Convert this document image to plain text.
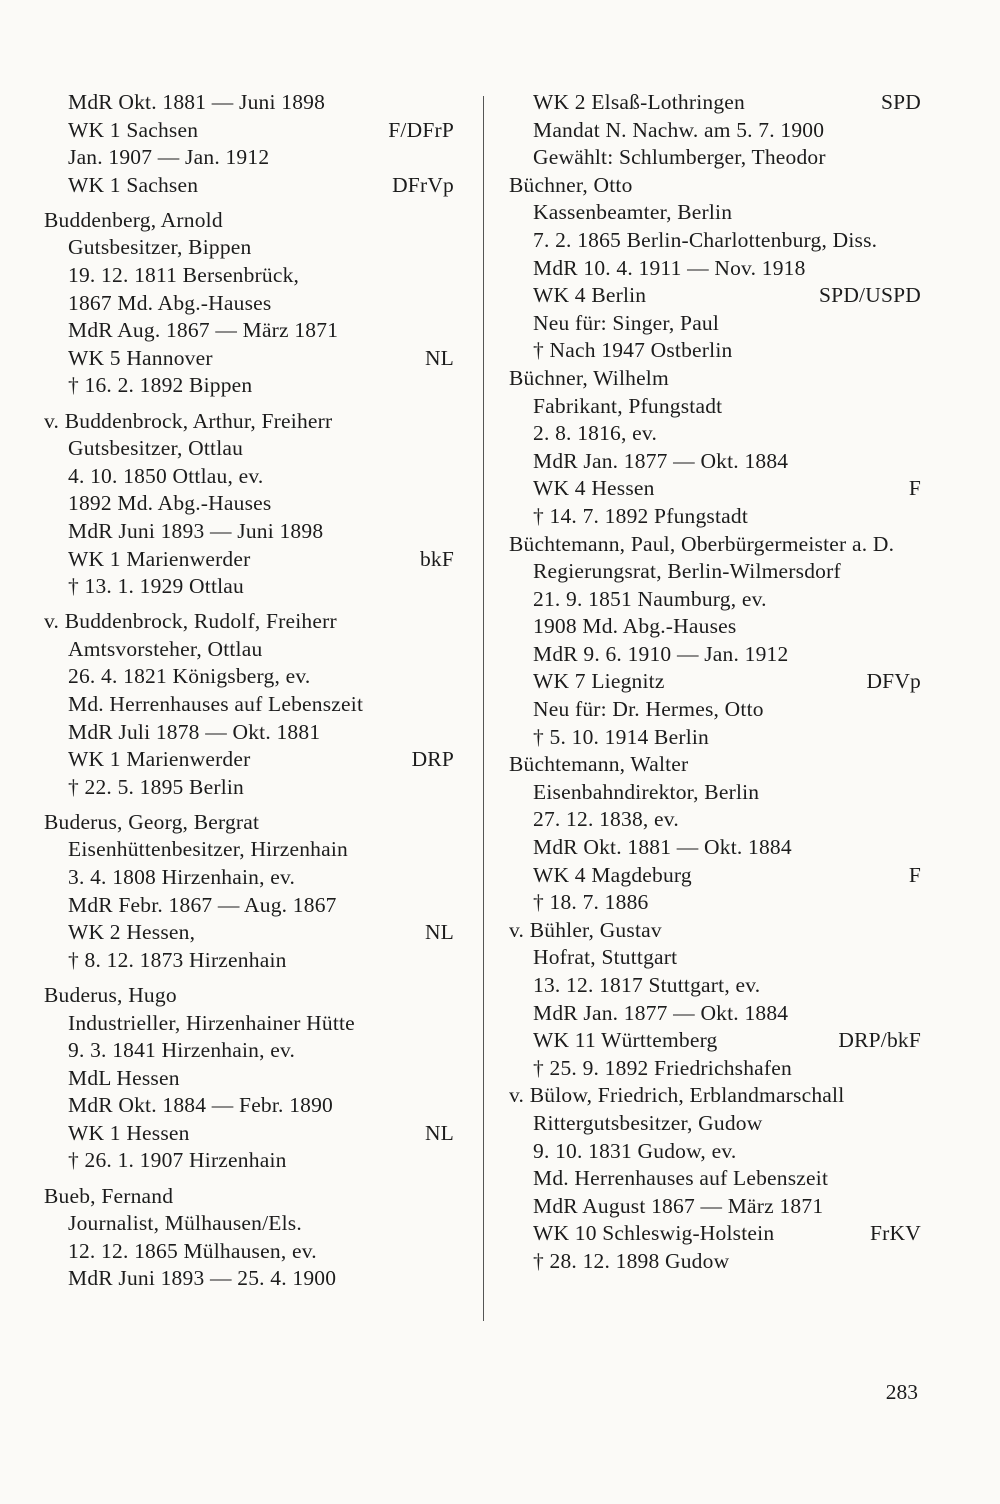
MdR Okt. 1881 — Juni 1898
WK 1 Sachsen	F/DFrP
Jan. 1907 — Jan. 1912
WK 1 Sachsen	DFrVp
Buddenberg, Arnold
Gutsbesitzer, Bippen
19. 12. 1811 Bersenbrück,
1867 Md. Abg.-Hauses
MdR Aug. 1867 — März 1871
WK 5 Hannover	NL
† 16. 2. 1892 Bippen
v. Buddenbrock, Arthur, Freiherr
Gutsbesitzer, Ottlau
4. 10. 1850 Ottlau, ev.
1892 Md. Abg.-Hauses
MdR Juni 1893 — Juni 1898
WK 1 Marienwerder	bkF
† 13. 1. 1929 Ottlau
v. Buddenbrock, Rudolf, Freiherr
Amtsvorsteher, Ottlau
26. 4. 1821 Königsberg, ev.
Md. Herrenhauses auf Lebenszeit
MdR Juli 1878 — Okt. 1881
WK 1 Marienwerder	DRP
† 22. 5. 1895 Berlin
Buderus, Georg, Bergrat
Eisenhüttenbesitzer, Hirzenhain
3. 4. 1808 Hirzenhain, ev.
MdR Febr. 1867 — Aug. 1867
WK 2 Hessen,	NL
† 8. 12. 1873 Hirzenhain
Buderus, Hugo
Industrieller, Hirzenhainer Hütte
9. 3. 1841 Hirzenhain, ev.
MdL Hessen
MdR Okt. 1884 — Febr. 1890
WK 1 Hessen	NL
† 26. 1. 1907 Hirzenhain
Bueb, Fernand
Journalist, Mülhausen/Els.
12. 12. 1865 Mülhausen, ev.
MdR Juni 1893 — 25. 4. 1900
WK 2 Elsaß-Lothringen	SPD
Mandat N. Nachw. am 5. 7. 1900
Gewählt: Schlumberger, Theodor
Büchner, Otto
Kassenbeamter, Berlin
7. 2. 1865 Berlin-Charlottenburg, Diss.
MdR 10. 4. 1911 — Nov. 1918
WK 4 Berlin	SPD/USPD
Neu für: Singer, Paul
† Nach 1947 Ostberlin
Büchner, Wilhelm
Fabrikant, Pfungstadt
2. 8. 1816, ev.
MdR Jan. 1877 — Okt. 1884
WK 4 Hessen	F
† 14. 7. 1892 Pfungstadt
Büchtemann, Paul, Oberbürgermeister a. D.
Regierungsrat, Berlin-Wilmersdorf
21. 9. 1851 Naumburg, ev.
1908 Md. Abg.-Hauses
MdR 9. 6. 1910 — Jan. 1912
WK 7 Liegnitz	DFVp
Neu für: Dr. Hermes, Otto
† 5. 10. 1914 Berlin
Büchtemann, Walter
Eisenbahndirektor, Berlin
27. 12. 1838, ev.
MdR Okt. 1881 — Okt. 1884
WK 4 Magdeburg	F
† 18. 7. 1886
v. Bühler, Gustav
Hofrat, Stuttgart
13. 12. 1817 Stuttgart, ev.
MdR Jan. 1877 — Okt. 1884
WK 11 Württemberg	DRP/bkF
† 25. 9. 1892 Friedrichshafen
v. Bülow, Friedrich, Erblandmarschall
Rittergutsbesitzer, Gudow
9. 10. 1831 Gudow, ev.
Md. Herrenhauses auf Lebenszeit
MdR August 1867 — März 1871
WK 10 Schleswig-Holstein	FrKV
† 28. 12. 1898 Gudow
283
